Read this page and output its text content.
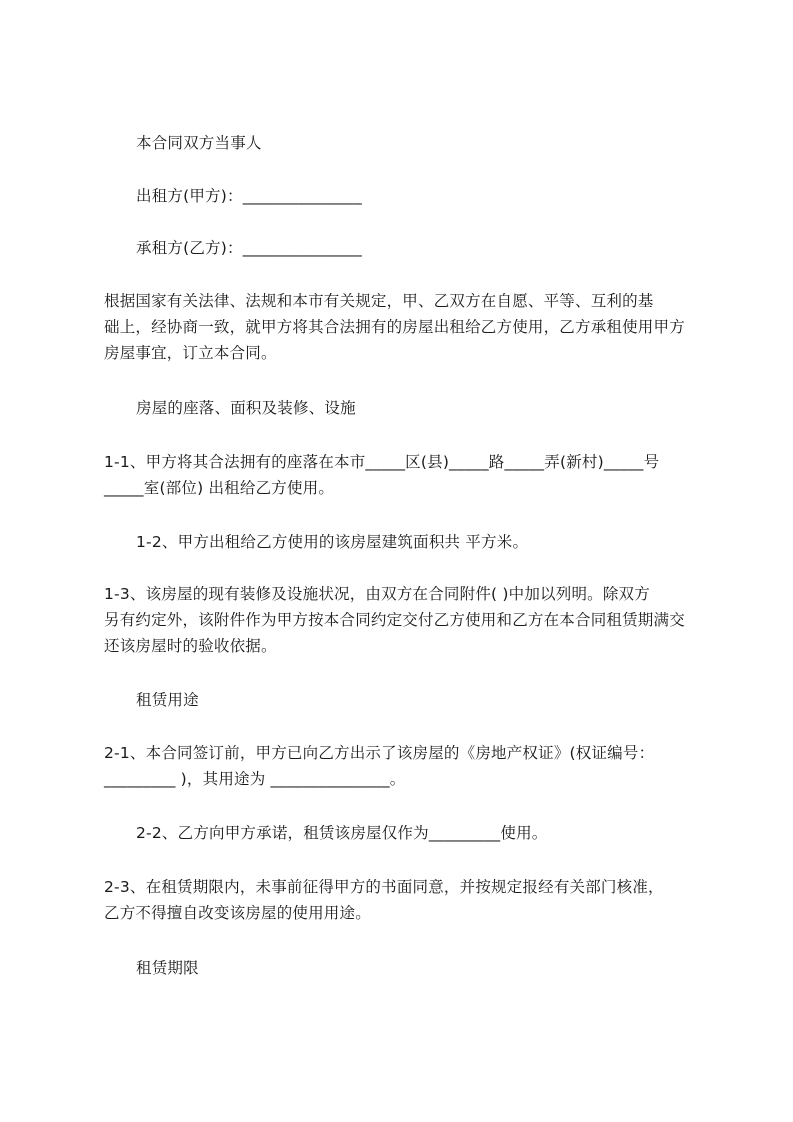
本合同双方当事人
出租方(甲方)：_______________
承租方(乙方)：_______________
根据国家有关法律、法规和本市有关规定，甲、乙双方在自愿、平等、互利的基
础上，经协商一致，就甲方将其合法拥有的房屋出租给乙方使用，乙方承租使用甲方
房屋事宜，订立本合同。
房屋的座落、面积及装修、设施
1-1、甲方将其合法拥有的座落在本市_____区(县)_____路_____弄(新村)_____号
_____室(部位) 出租给乙方使用。
1-2、甲方出租给乙方使用的该房屋建筑面积共 平方米。
1-3、该房屋的现有装修及设施状况，由双方在合同附件( )中加以列明。除双方
另有约定外，该附件作为甲方按本合同约定交付乙方使用和乙方在本合同租赁期满交
还该房屋时的验收依据。
租赁用途
2-1、本合同签订前，甲方已向乙方出示了该房屋的《房地产权证》(权证编号：
_________ )，其用途为 _______________。
2-2、乙方向甲方承诺，租赁该房屋仅作为_________使用。
2-3、在租赁期限内，未事前征得甲方的书面同意，并按规定报经有关部门核准，
乙方不得擅自改变该房屋的使用用途。
租赁期限
